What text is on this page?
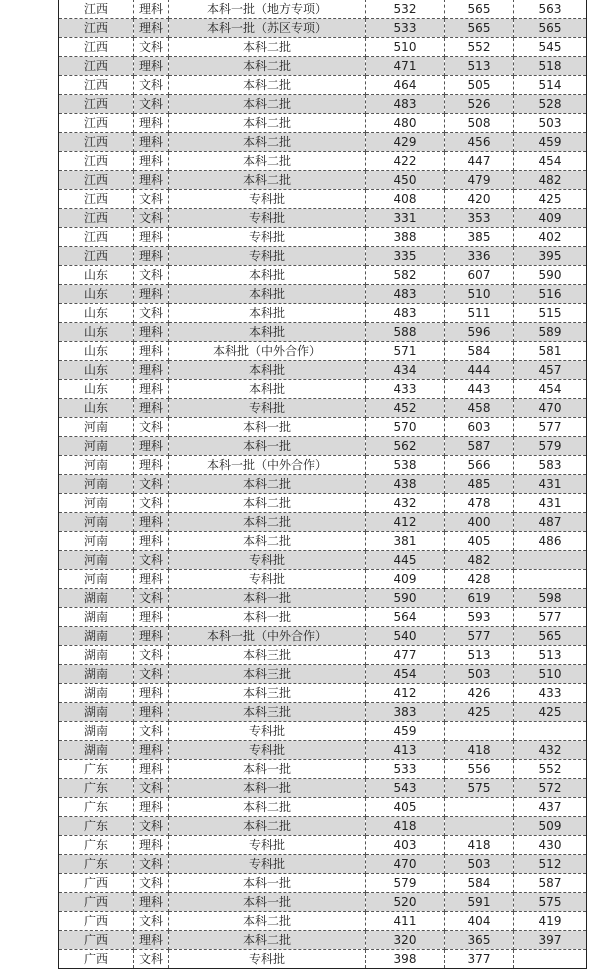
江西	理科	本科一批（地方专项）	532	565	563
江西	理科	本科一批（苏区专项）	533	565	565
江西	文科	本科二批	510	552	545
江西	理科	本科二批	471	513	518
江西	文科	本科二批	464	505	514
江西	文科	本科二批	483	526	528
江西	理科	本科二批	480	508	503
江西	理科	本科二批	429	456	459
江西	理科	本科二批	422	447	454
江西	理科	本科二批	450	479	482
江西	文科	专科批	408	420	425
江西	文科	专科批	331	353	409
江西	理科	专科批	388	385	402
江西	理科	专科批	335	336	395
山东	文科	本科批	582	607	590
山东	理科	本科批	483	510	516
山东	文科	本科批	483	511	515
山东	理科	本科批	588	596	589
山东	理科	本科批（中外合作）	571	584	581
山东	理科	本科批	434	444	457
山东	理科	本科批	433	443	454
山东	理科	专科批	452	458	470
河南	文科	本科一批	570	603	577
河南	理科	本科一批	562	587	579
河南	理科	本科一批（中外合作）	538	566	583
河南	文科	本科二批	438	485	431
河南	文科	本科二批	432	478	431
河南	理科	本科二批	412	400	487
河南	理科	本科二批	381	405	486
河南	文科	专科批	445	482	
河南	理科	专科批	409	428	
湖南	文科	本科一批	590	619	598
湖南	理科	本科一批	564	593	577
湖南	理科	本科一批（中外合作）	540	577	565
湖南	文科	本科三批	477	513	513
湖南	文科	本科三批	454	503	510
湖南	理科	本科三批	412	426	433
湖南	理科	本科三批	383	425	425
湖南	文科	专科批	459		
湖南	理科	专科批	413	418	432
广东	理科	本科一批	533	556	552
广东	文科	本科一批	543	575	572
广东	理科	本科二批	405		437
广东	文科	本科二批	418		509
广东	理科	专科批	403	418	430
广东	文科	专科批	470	503	512
广西	文科	本科一批	579	584	587
广西	理科	本科一批	520	591	575
广西	文科	本科二批	411	404	419
广西	理科	本科二批	320	365	397
广西	文科	专科批	398	377	
